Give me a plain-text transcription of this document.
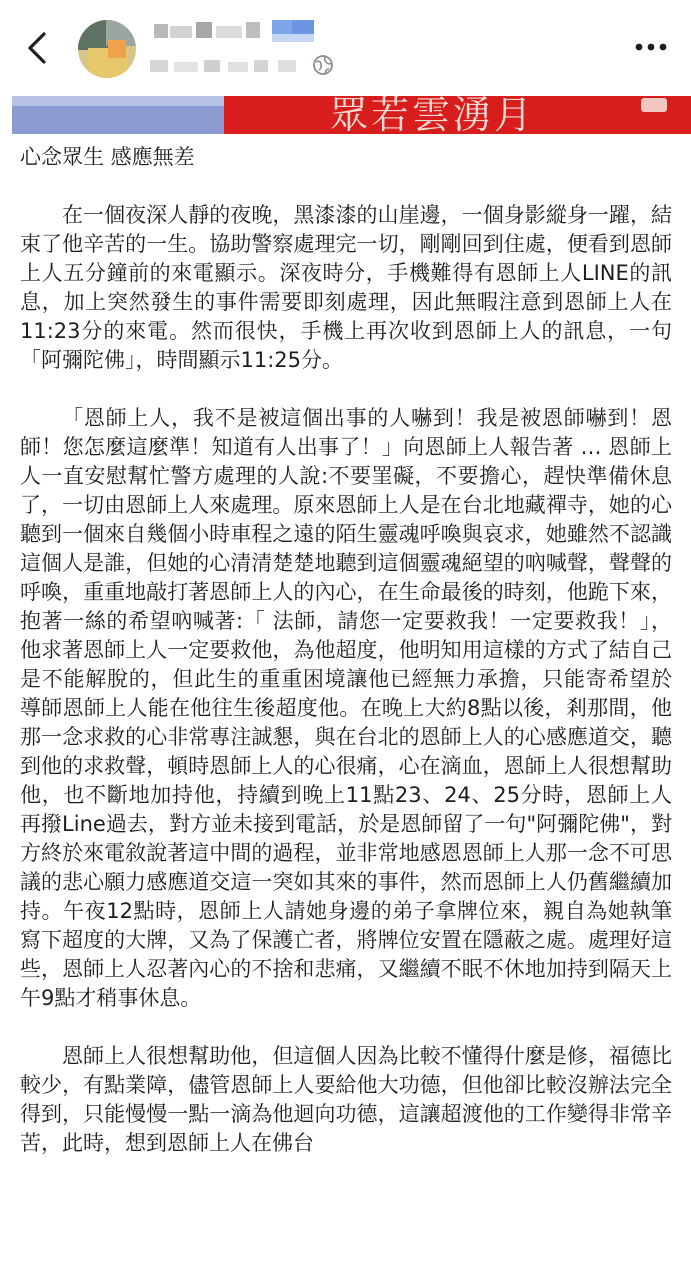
眾若雲湧月

心念眾生 感應無差

在一個夜深人靜的夜晚，黑漆漆的山崖邊，一個身影縱身一躍，結束了他辛苦的一生。協助警察處理完一切，剛剛回到住處，便看到恩師上人五分鐘前的來電顯示。深夜時分，手機難得有恩師上人LINE的訊息，加上突然發生的事件需要即刻處理，因此無暇注意到恩師上人在11:23分的來電。然而很快，手機上再次收到恩師上人的訊息，一句「阿彌陀佛」，時間顯示11:25分。

「恩師上人，我不是被這個出事的人嚇到！我是被恩師嚇到！恩師！您怎麼這麼準！知道有人出事了！」向恩師上人報告著 … 恩師上人一直安慰幫忙警方處理的人說:不要罣礙，不要擔心，趕快準備休息了，一切由恩師上人來處理。原來恩師上人是在台北地藏禪寺，她的心聽到一個來自幾個小時車程之遠的陌生靈魂呼喚與哀求，她雖然不認識這個人是誰，但她的心清清楚楚地聽到這個靈魂絕望的吶喊聲，聲聲的呼喚，重重地敲打著恩師上人的內心，在生命最後的時刻，他跪下來，抱著一絲的希望吶喊著:「 法師，請您一定要救我！一定要救我！」，他求著恩師上人一定要救他，為他超度，他明知用這樣的方式了結自己是不能解脫的，但此生的重重困境讓他已經無力承擔，只能寄希望於 導師恩師上人能在他往生後超度他。在晚上大約8點以後，剎那間，他那一念求救的心非常專注誠懇，與在台北的恩師上人的心感應道交，聽到他的求救聲，頓時恩師上人的心很痛，心在滴血，恩師上人很想幫助他，也不斷地加持他，持續到晚上11點23、24、25分時，恩師上人再撥Line過去，對方並未接到電話，於是恩師留了一句"阿彌陀佛"，對方終於來電敘說著這中間的過程，並非常地感恩恩師上人那一念不可思議的悲心願力感應道交這一突如其來的事件，然而恩師上人仍舊繼續加持。午夜12點時，恩師上人請她身邊的弟子拿牌位來，親自為她執筆寫下超度的大牌，又為了保護亡者，將牌位安置在隱蔽之處。處理好這些，恩師上人忍著內心的不捨和悲痛，又繼續不眠不休地加持到隔天上午9點才稍事休息。

恩師上人很想幫助他，但這個人因為比較不懂得什麼是修，福德比較少，有點業障，儘管恩師上人要給他大功德，但他卻比較沒辦法完全得到，只能慢慢一點一滴為他迴向功德，這讓超渡他的工作變得非常辛苦，此時，想到恩師上人在佛台
